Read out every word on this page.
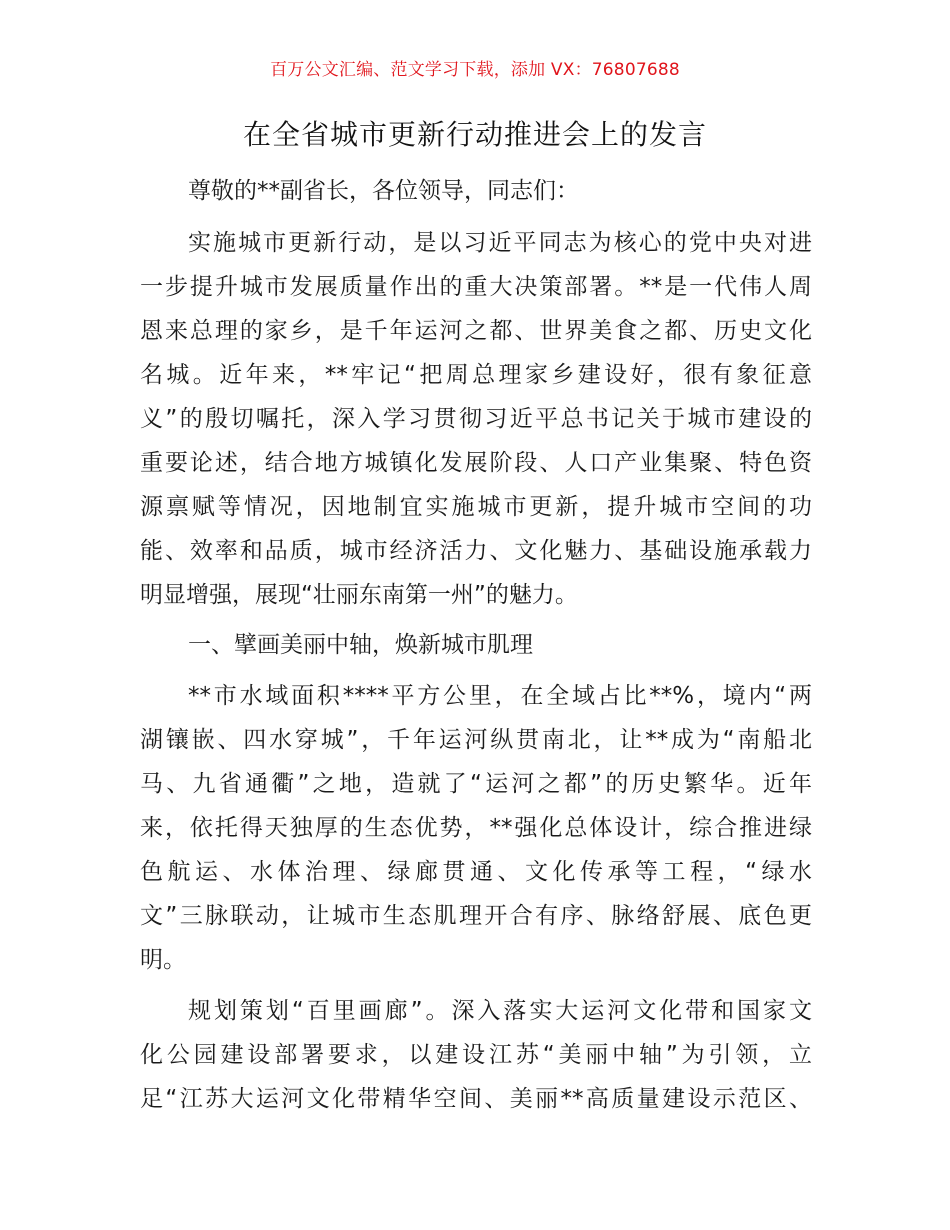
百万公文汇编、范文学习下载，添加 VX：76807688
在全省城市更新行动推进会上的发言
尊敬的**副省长，各位领导，同志们：
实施城市更新行动，是以习近平同志为核心的党中央对进
一步提升城市发展质量作出的重大决策部署。**是一代伟人周
恩来总理的家乡，是千年运河之都、世界美食之都、历史文化
名城。近年来，**牢记“把周总理家乡建设好，很有象征意
义”的殷切嘱托，深入学习贯彻习近平总书记关于城市建设的
重要论述，结合地方城镇化发展阶段、人口产业集聚、特色资
源禀赋等情况，因地制宜实施城市更新，提升城市空间的功
能、效率和品质，城市经济活力、文化魅力、基础设施承载力
明显增强，展现“壮丽东南第一州”的魅力。
一、擘画美丽中轴，焕新城市肌理
**市水域面积****平方公里，在全域占比**%，境内“两
湖镶嵌、四水穿城”，千年运河纵贯南北，让**成为“南船北
马、九省通衢”之地，造就了“运河之都”的历史繁华。近年
来，依托得天独厚的生态优势，**强化总体设计，综合推进绿
色航运、水体治理、绿廊贯通、文化传承等工程，“绿水
文”三脉联动，让城市生态肌理开合有序、脉络舒展、底色更
明。
规划策划“百里画廊”。深入落实大运河文化带和国家文
化公园建设部署要求，以建设江苏“美丽中轴”为引领，立
足“江苏大运河文化带精华空间、美丽**高质量建设示范区、
